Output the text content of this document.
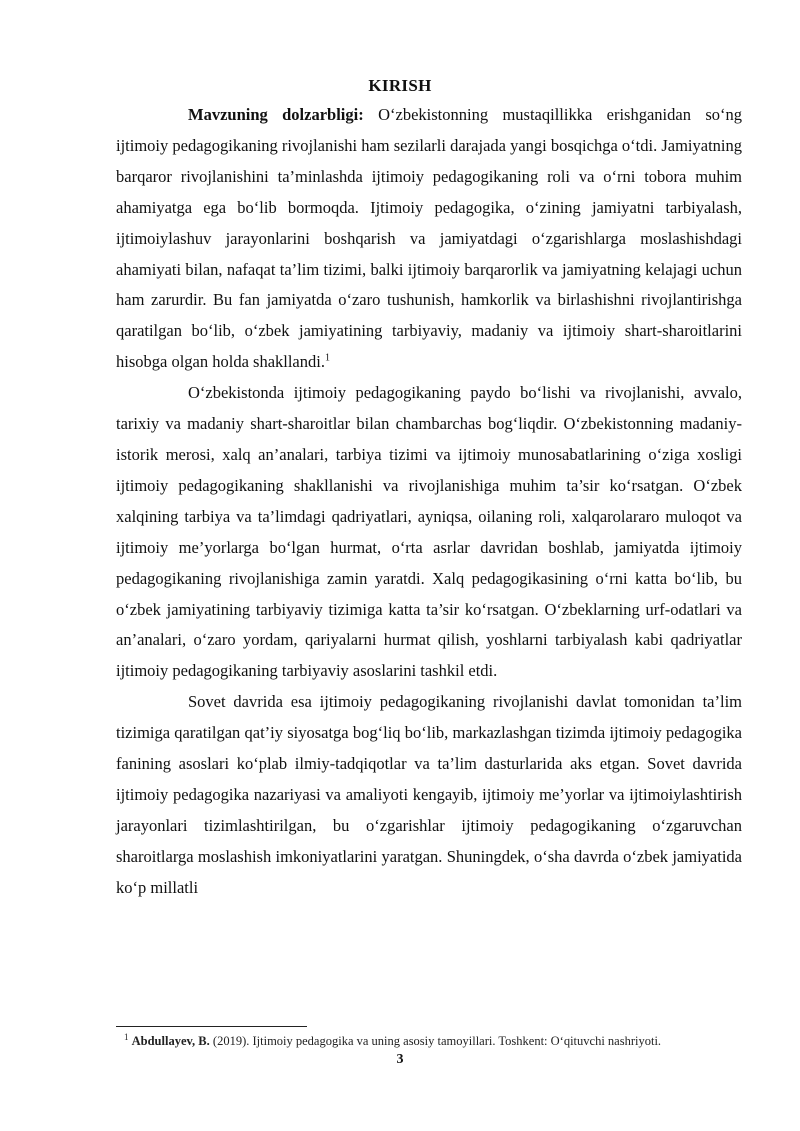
KIRISH

Mavzuning dolzarbligi: O‘zbekistonning mustaqillikka erishganidan so‘ng ijtimoiy pedagogikaning rivojlanishi ham sezilarli darajada yangi bosqichga o‘tdi. Jamiyatning barqaror rivojlanishini ta’minlashda ijtimoiy pedagogikaning roli va o‘rni tobora muhim ahamiyatga ega bo‘lib bormoqda. Ijtimoiy pedagogika, o‘zining jamiyatni tarbiyalash, ijtimoiylashuv jarayonlarini boshqarish va jamiyatdagi o‘zgarishlarga moslashishdagi ahamiyati bilan, nafaqat ta’lim tizimi, balki ijtimoiy barqarorlik va jamiyatning kelajagi uchun ham zarurdir. Bu fan jamiyatda o‘zaro tushunish, hamkorlik va birlashishni rivojlantirishga qaratilgan bo‘lib, o‘zbek jamiyatining tarbiyaviy, madaniy va ijtimoiy shart-sharoitlarini hisobga olgan holda shakllandi.$^1$

O‘zbekistonda ijtimoiy pedagogikaning paydo bo‘lishi va rivojlanishi, avvalo, tarixiy va madaniy shart-sharoitlar bilan chambarchas bog‘liqdir. O‘zbekistonning madaniy-istorik merosi, xalq an’analari, tarbiya tizimi va ijtimoiy munosabatlarining o‘ziga xosligi ijtimoiy pedagogikaning shakllanishi va rivojlanishiga muhim ta’sir ko‘rsatgan. O‘zbek xalqining tarbiya va ta’limdagi qadriyatlari, ayniqsa, oilaning roli, xalqarolararo muloqot va ijtimoiy me’yorlarga bo‘lgan hurmat, o‘rta asrlar davridan boshlab, jamiyatda ijtimoiy pedagogikaning rivojlanishiga zamin yaratdi. Xalq pedagogikasining o‘rni katta bo‘lib, bu o‘zbek jamiyatining tarbiyaviy tizimiga katta ta’sir ko‘rsatgan. O‘zbeklarning urf-odatlari va an’analari, o‘zaro yordam, qariyalarni hurmat qilish, yoshlarni tarbiyalash kabi qadriyatlar ijtimoiy pedagogikaning tarbiyaviy asoslarini tashkil etdi.

Sovet davrida esa ijtimoiy pedagogikaning rivojlanishi davlat tomonidan ta’lim tizimiga qaratilgan qat’iy siyosatga bog‘liq bo‘lib, markazlashgan tizimda ijtimoiy pedagogika fanining asoslari ko‘plab ilmiy-tadqiqotlar va ta’lim dasturlarida aks etgan. Sovet davrida ijtimoiy pedagogika nazariyasi va amaliyoti kengayib, ijtimoiy me’yorlar va ijtimoiylashtirish jarayonlari tizimlashtirilgan, bu o‘zgarishlar ijtimoiy pedagogikaning o‘zgaruvchan sharoitlarga moslashish imkoniyatlarini yaratgan. Shuningdek, o‘sha davrda o‘zbek jamiyatida ko‘p millatli

$^1$ Abdullayev, B. (2019). Ijtimoiy pedagogika va uning asosiy tamoyillari. Toshkent: O‘qituvchi nashriyoti.
3
